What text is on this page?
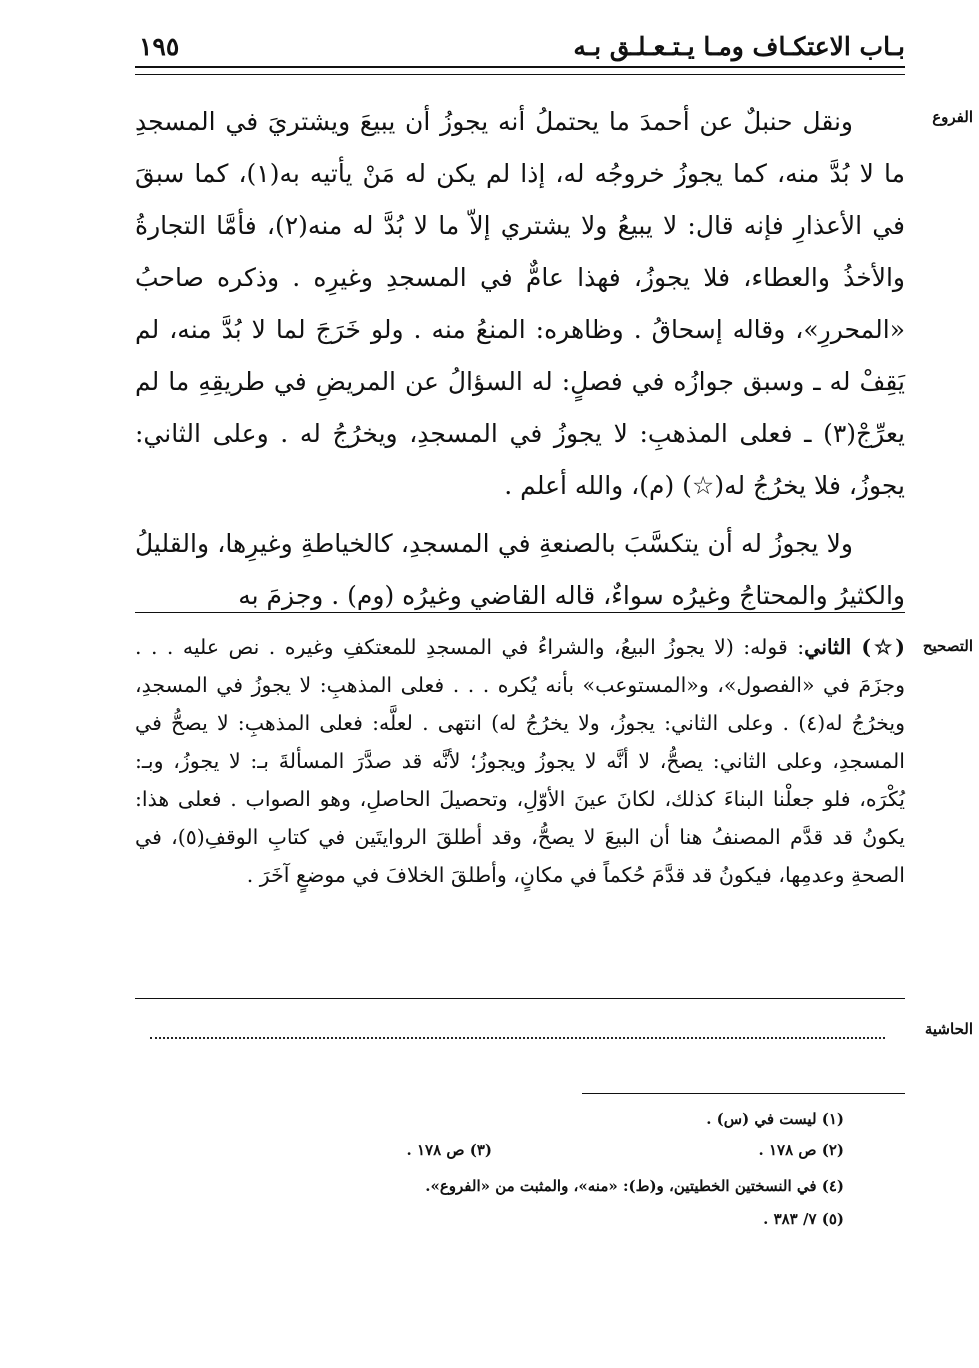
بـاب الاعتكـاف ومـا يـتـعـلـق بـه
١٩٥
الفروع
التصحيح
الحاشية

ونقل حنبلٌ عن أحمدَ ما يحتملُ أنه يجوزُ أن يبيعَ ويشتريَ في المسجدِ ما لا بُدَّ منه، كما يجوزُ خروجُه له، إذا لم يكن له مَنْ يأتيه به(١)، كما سبقَ في الأعذارِ فإنه قال: لا يبيعُ ولا يشتري إلاّ ما لا بُدَّ له منه(٢)، فأمَّا التجارةُ والأخذُ والعطاء، فلا يجوزُ، فهذا عامٌّ في المسجدِ وغيرِه . وذكره صاحبُ «المحررِ»، وقاله إسحاقُ . وظاهره: المنعُ منه . ولو خَرَجَ لما لا بُدَّ منه، لم يَقِفْ له ـ وسبق جوازُه في فصلٍ: له السؤالُ عن المريضِ في طريقِهِ ما لم يعرِّجْ(٣) ـ فعلى المذهبِ: لا يجوزُ في المسجدِ، ويخرُجُ له . وعلى الثاني: يجوزُ، فلا يخرُجُ له(☆) (م)، والله أعلم .

ولا يجوزُ له أن يتكسَّبَ بالصنعةِ في المسجدِ، كالخياطةِ وغيرِها، والقليلُ والكثيرُ والمحتاجُ وغيرُه سواءٌ، قاله القاضي وغيرُه (وم) . وجزمَ به

(☆) الثاني: قوله: (لا يجوزُ البيعُ، والشراءُ في المسجدِ للمعتكفِ وغيره . نص عليه . . . وجزَمَ في «الفصول»، و«المستوعب» بأنه يُكره . . . فعلى المذهبِ: لا يجوزُ في المسجدِ، ويخرُجُ له(٤) . وعلى الثاني: يجوزُ، ولا يخرُجُ له) انتهى . لعلَّه: فعلى المذهبِ: لا يصحُّ في المسجدِ، وعلى الثاني: يصحُّ، لا أنَّه لا يجوزُ ويجوزُ؛ لأنَّه قد صدَّرَ المسألةَ بـ: لا يجوزُ، وبـ: يُكْرَه، فلو جعلْنا البناءَ كذلك، لكانَ عينَ الأوّلِ، وتحصيلَ الحاصلِ، وهو الصواب . فعلى هذا: يكونُ قد قدَّم المصنفُ هنا أن البيعَ لا يصحُّ، وقد أطلقَ الروايتَين في كتابِ الوقفِ(٥)، في الصحةِ وعدمِها، فيكونُ قد قدَّمَ حُكماً في مكانٍ، وأطلقَ الخلافَ في موضعٍ آخَرَ .

(١) ليست في (س) .
(٢) ص ١٧٨ .
(٣) ص ١٧٨ .
(٤) في النسختين الخطيتين، و(ط): «منه»، والمثبت من «الفروع».
(٥) ٧/ ٣٨٣ .
